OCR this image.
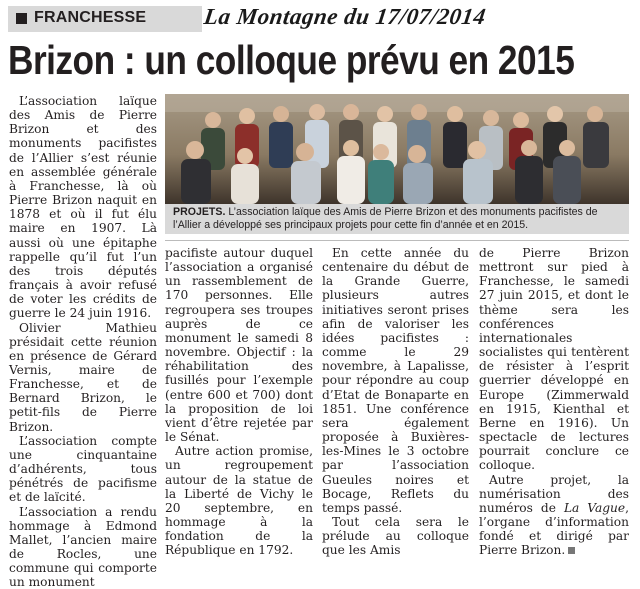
FRANCHESSE La Montagne du 17/07/2014
Brizon : un colloque prévu en 2015

L’association laïque des Amis de Pierre Brizon et des monuments pacifistes de l’Allier s’est réunie en assemblée générale à Franchesse, là où Pierre Brizon naquit en 1878 et où il fut élu maire en 1907. Là aussi où une épitaphe rappelle qu’il fut l’un des trois députés français à avoir refusé de voter les crédits de guerre le 24 juin 1916.

Olivier Mathieu présidait cette réunion en présence de Gérard Vernis, maire de Franchesse, et de Bernard Brizon, le petit-fils de Pierre Brizon.

L’association compte une cinquantaine d’adhérents, tous pénétrés de pacifisme et de laïcité.

L’association a rendu hommage à Edmond Mallet, l’ancien maire de Rocles, une commune qui comporte un monument

PROJETS. L’association laïque des Amis de Pierre Brizon et des monuments pacifistes de l’Allier a développé ses principaux projets pour cette fin d’année et en 2015.

pacifiste autour duquel l’association a organisé un rassemblement de 170 personnes. Elle regroupera ses troupes auprès de ce monument le samedi 8 novembre. Objectif : la réhabilitation des fusillés pour l’exemple (entre 600 et 700) dont la proposition de loi vient d’être rejetée par le Sénat.

Autre action promise, un regroupement autour de la statue de la Liberté de Vichy le 20 septembre, en hommage à la fondation de la République en 1792.

En cette année du centenaire du début de la Grande Guerre, plusieurs autres initiatives seront prises afin de valoriser les idées pacifistes : comme le 29 novembre, à Lapalisse, pour répondre au coup d’Etat de Bonaparte en 1851. Une conférence sera également proposée à Buxières-les-Mines le 3 octobre par l’association Gueules noires et Bocage, Reflets du temps passé.

Tout cela sera le prélude au colloque que les Amis

de Pierre Brizon mettront sur pied à Franchesse, le samedi 27 juin 2015, et dont le thème sera les conférences internationales socialistes qui tentèrent de résister à l’esprit guerrier développé en Europe (Zimmerwald en 1915, Kienthal et Berne en 1916). Un spectacle de lectures pourrait conclure ce colloque.

Autre projet, la numérisation des numéros de La Vague, l’organe d’information fondé et dirigé par Pierre Brizon.
